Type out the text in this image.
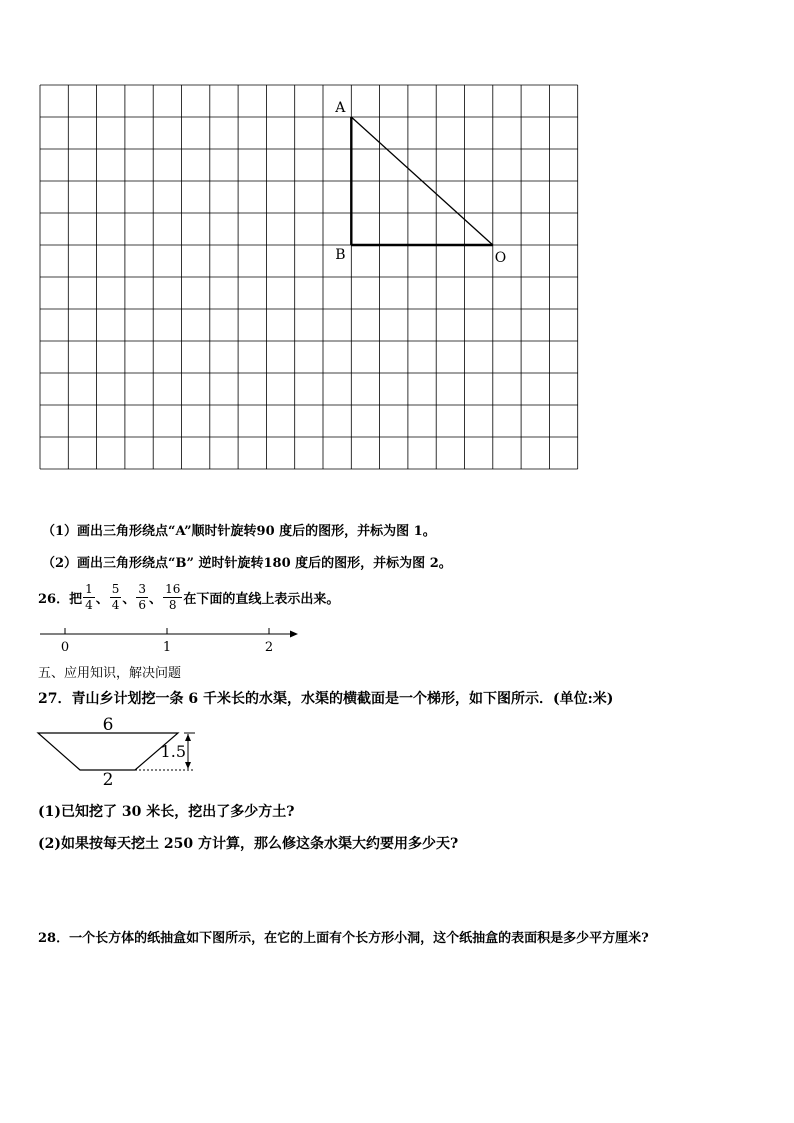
A
B	O
（1）画出三角形绕点“A”顺时针旋转90 度后的图形，并标为图 1。
（2）画出三角形绕点“B” 逆时针旋转180 度后的图形，并标为图 2。
26．把 $\frac{1}{4}$ 、 $\frac{5}{4}$ 、 $\frac{3}{6}$ 、 $\frac{16}{8}$ 在下面的直线上表示出来。
0	1	2
五、应用知识，解决问题
27．青山乡计划挖一条 6 千米长的水渠，水渠的横截面是一个梯形，如下图所示．(单位:米)
6
2
1.5
(1)已知挖了 30 米长，挖出了多少方土?
(2)如果按每天挖土 250 方计算，那么修这条水渠大约要用多少天?
28．一个长方体的纸抽盒如下图所示，在它的上面有个长方形小洞，这个纸抽盒的表面积是多少平方厘米?
